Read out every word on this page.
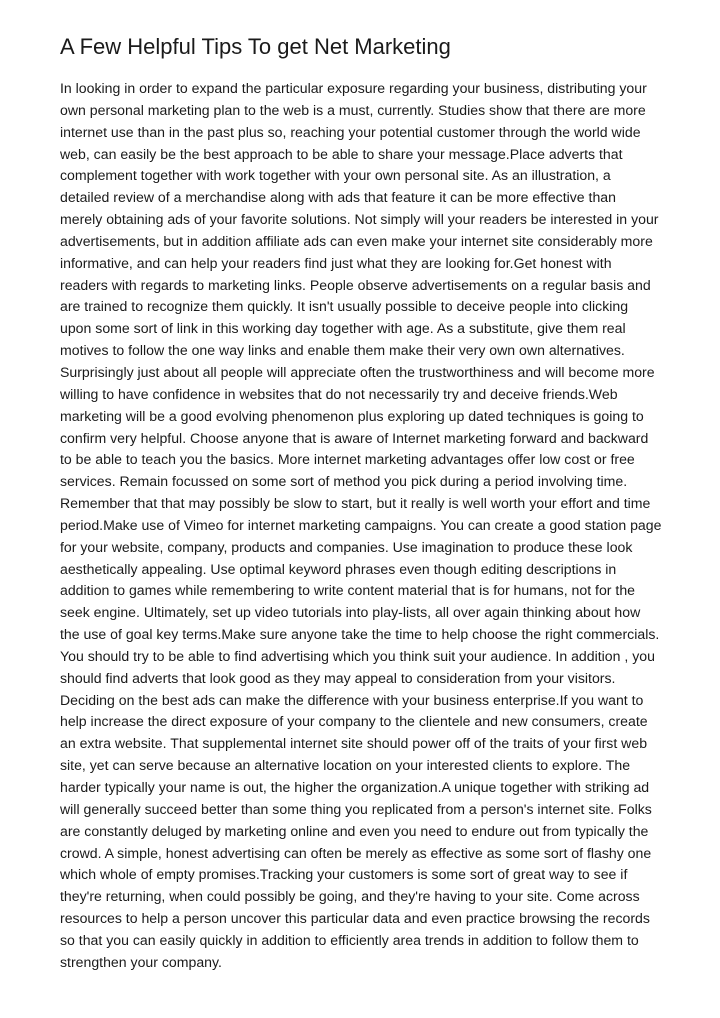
A Few Helpful Tips To get Net Marketing

In looking in order to expand the particular exposure regarding your business, distributing your own personal marketing plan to the web is a must, currently. Studies show that there are more internet use than in the past plus so, reaching your potential customer through the world wide web, can easily be the best approach to be able to share your message.Place adverts that complement together with work together with your own personal site. As an illustration, a detailed review of a merchandise along with ads that feature it can be more effective than merely obtaining ads of your favorite solutions. Not simply will your readers be interested in your advertisements, but in addition affiliate ads can even make your internet site considerably more informative, and can help your readers find just what they are looking for.Get honest with readers with regards to marketing links. People observe advertisements on a regular basis and are trained to recognize them quickly. It isn't usually possible to deceive people into clicking upon some sort of link in this working day together with age. As a substitute, give them real motives to follow the one way links and enable them make their very own own alternatives. Surprisingly just about all people will appreciate often the trustworthiness and will become more willing to have confidence in websites that do not necessarily try and deceive friends.Web marketing will be a good evolving phenomenon plus exploring up dated techniques is going to confirm very helpful. Choose anyone that is aware of Internet marketing forward and backward to be able to teach you the basics. More internet marketing advantages offer low cost or free services. Remain focussed on some sort of method you pick during a period involving time. Remember that that may possibly be slow to start, but it really is well worth your effort and time period.Make use of Vimeo for internet marketing campaigns. You can create a good station page for your website, company, products and companies. Use imagination to produce these look aesthetically appealing. Use optimal keyword phrases even though editing descriptions in addition to games while remembering to write content material that is for humans, not for the seek engine. Ultimately, set up video tutorials into play-lists, all over again thinking about how the use of goal key terms.Make sure anyone take the time to help choose the right commercials. You should try to be able to find advertising which you think suit your audience. In addition , you should find adverts that look good as they may appeal to consideration from your visitors. Deciding on the best ads can make the difference with your business enterprise.If you want to help increase the direct exposure of your company to the clientele and new consumers, create an extra website. That supplemental internet site should power off of the traits of your first web site, yet can serve because an alternative location on your interested clients to explore. The harder typically your name is out, the higher the organization.A unique together with striking ad will generally succeed better than some thing you replicated from a person's internet site. Folks are constantly deluged by marketing online and even you need to endure out from typically the crowd. A simple, honest advertising can often be merely as effective as some sort of flashy one which whole of empty promises.Tracking your customers is some sort of great way to see if they're returning, when could possibly be going, and they're having to your site. Come across resources to help a person uncover this particular data and even practice browsing the records so that you can easily quickly in addition to efficiently area trends in addition to follow them to strengthen your company.
